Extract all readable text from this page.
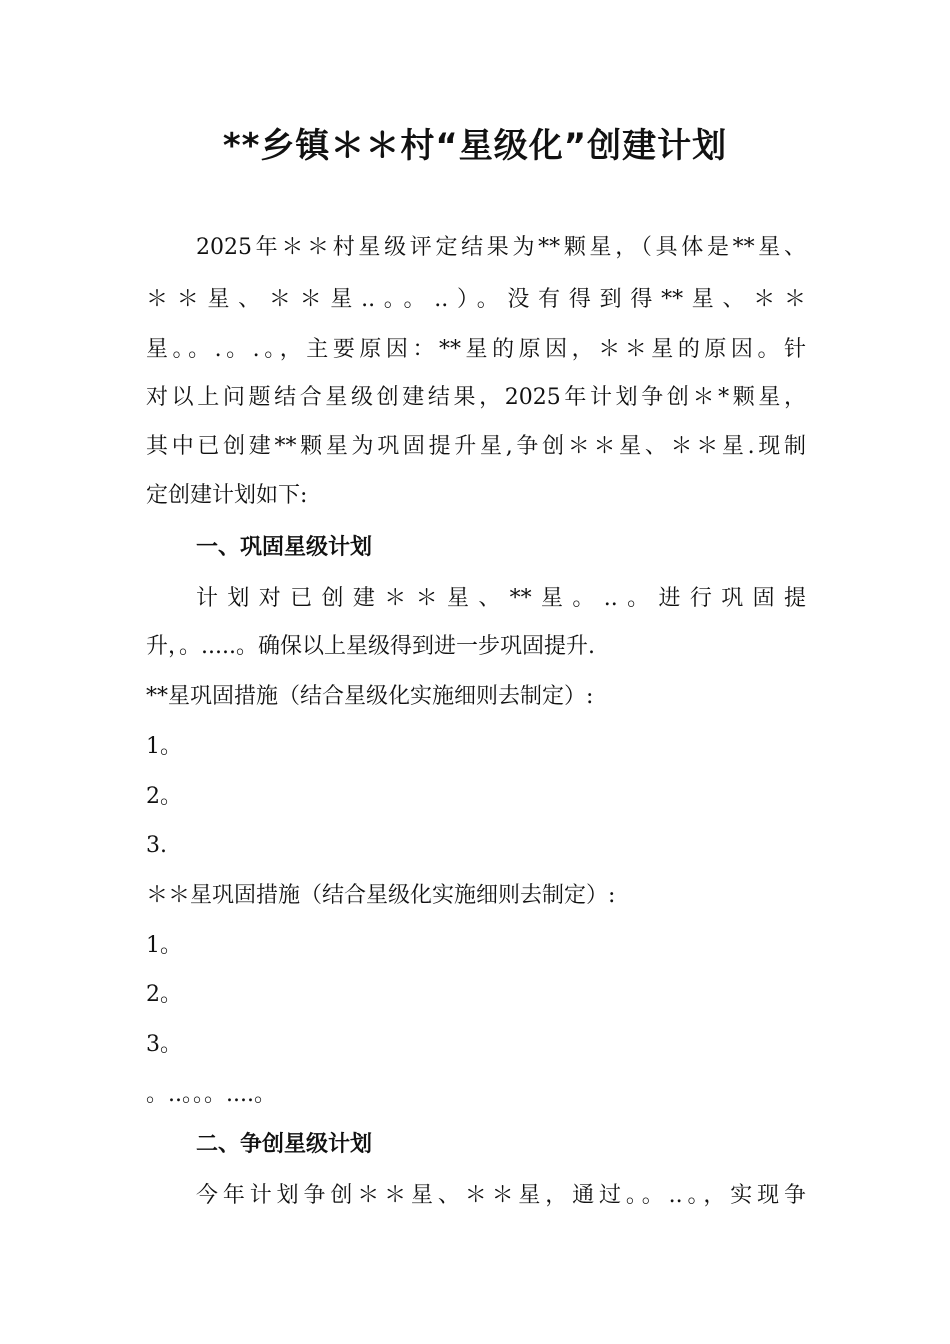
**乡镇＊＊村“星级化”创建计划
2025年＊＊村星级评定结果为**颗星，（具体是**星、
＊＊星、＊＊星..。。..）。没有得到得**星、＊＊
星。。.。.。，主要原因：**星的原因，＊＊星的原因。针
对以上问题结合星级创建结果，2025年计划争创＊*颗星，
其中已创建**颗星为巩固提升星,争创＊＊星、＊＊星.现制
定创建计划如下:
一、巩固星级计划
计划对已创建＊＊星、**星。..。进行巩固提
升，。.....。确保以上星级得到进一步巩固提升.
**星巩固措施（结合星级化实施细则去制定）:
1。
2。
3.
＊＊星巩固措施（结合星级化实施细则去制定）:
1。
2。
3。
。..。。。....。
二、争创星级计划
今年计划争创＊＊星、＊＊星，通过。。..。，实现争
